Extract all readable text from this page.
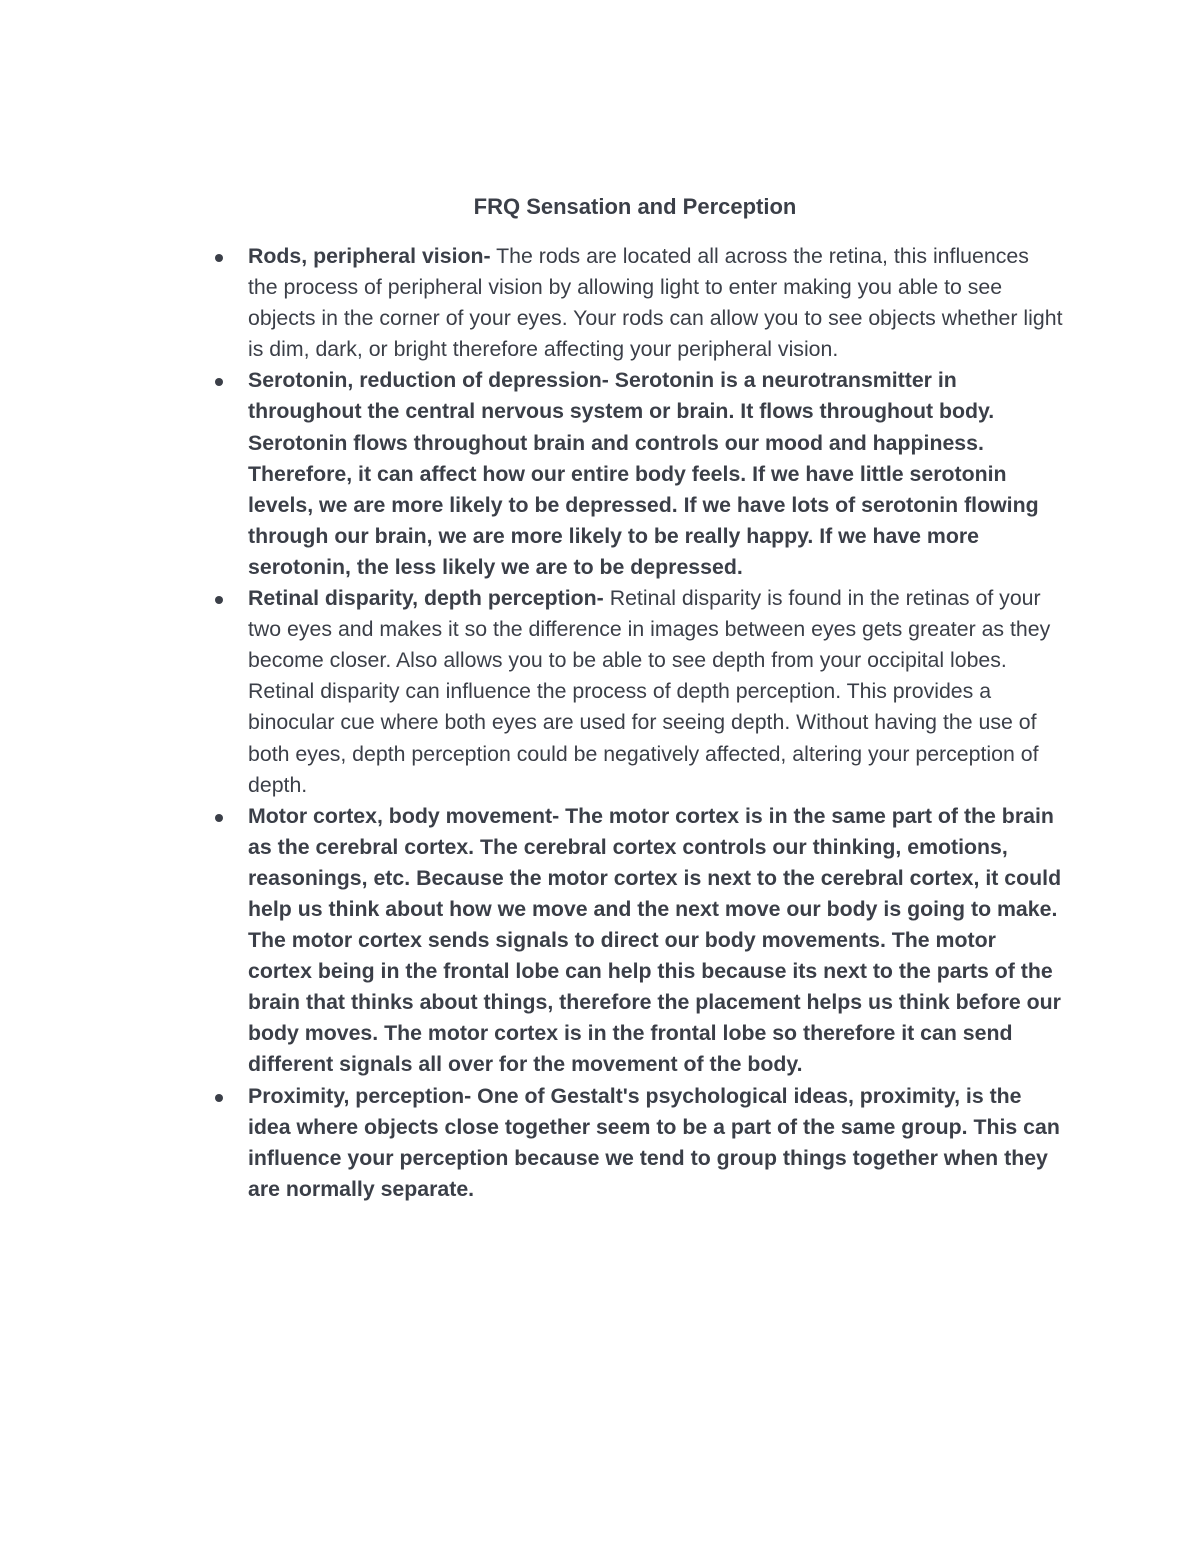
FRQ Sensation and Perception
Rods, peripheral vision- The rods are located all across the retina, this influences the process of peripheral vision by allowing light to enter making you able to see objects in the corner of your eyes. Your rods can allow you to see objects whether light is dim, dark, or bright therefore affecting your peripheral vision.
Serotonin, reduction of depression- Serotonin is a neurotransmitter in throughout the central nervous system or brain. It flows throughout body. Serotonin flows throughout brain and controls our mood and happiness. Therefore, it can affect how our entire body feels. If we have little serotonin levels, we are more likely to be depressed. If we have lots of serotonin flowing through our brain, we are more likely to be really happy. If we have more serotonin, the less likely we are to be depressed.
Retinal disparity, depth perception- Retinal disparity is found in the retinas of your two eyes and makes it so the difference in images between eyes gets greater as they become closer. Also allows you to be able to see depth from your occipital lobes. Retinal disparity can influence the process of depth perception. This provides a binocular cue where both eyes are used for seeing depth. Without having the use of both eyes, depth perception could be negatively affected, altering your perception of depth.
Motor cortex, body movement- The motor cortex is in the same part of the brain as the cerebral cortex. The cerebral cortex controls our thinking, emotions, reasonings, etc. Because the motor cortex is next to the cerebral cortex, it could help us think about how we move and the next move our body is going to make. The motor cortex sends signals to direct our body movements. The motor cortex being in the frontal lobe can help this because its next to the parts of the brain that thinks about things, therefore the placement helps us think before our body moves. The motor cortex is in the frontal lobe so therefore it can send different signals all over for the movement of the body.
Proximity, perception- One of Gestalt's psychological ideas, proximity, is the idea where objects close together seem to be a part of the same group. This can influence your perception because we tend to group things together when they are normally separate.
